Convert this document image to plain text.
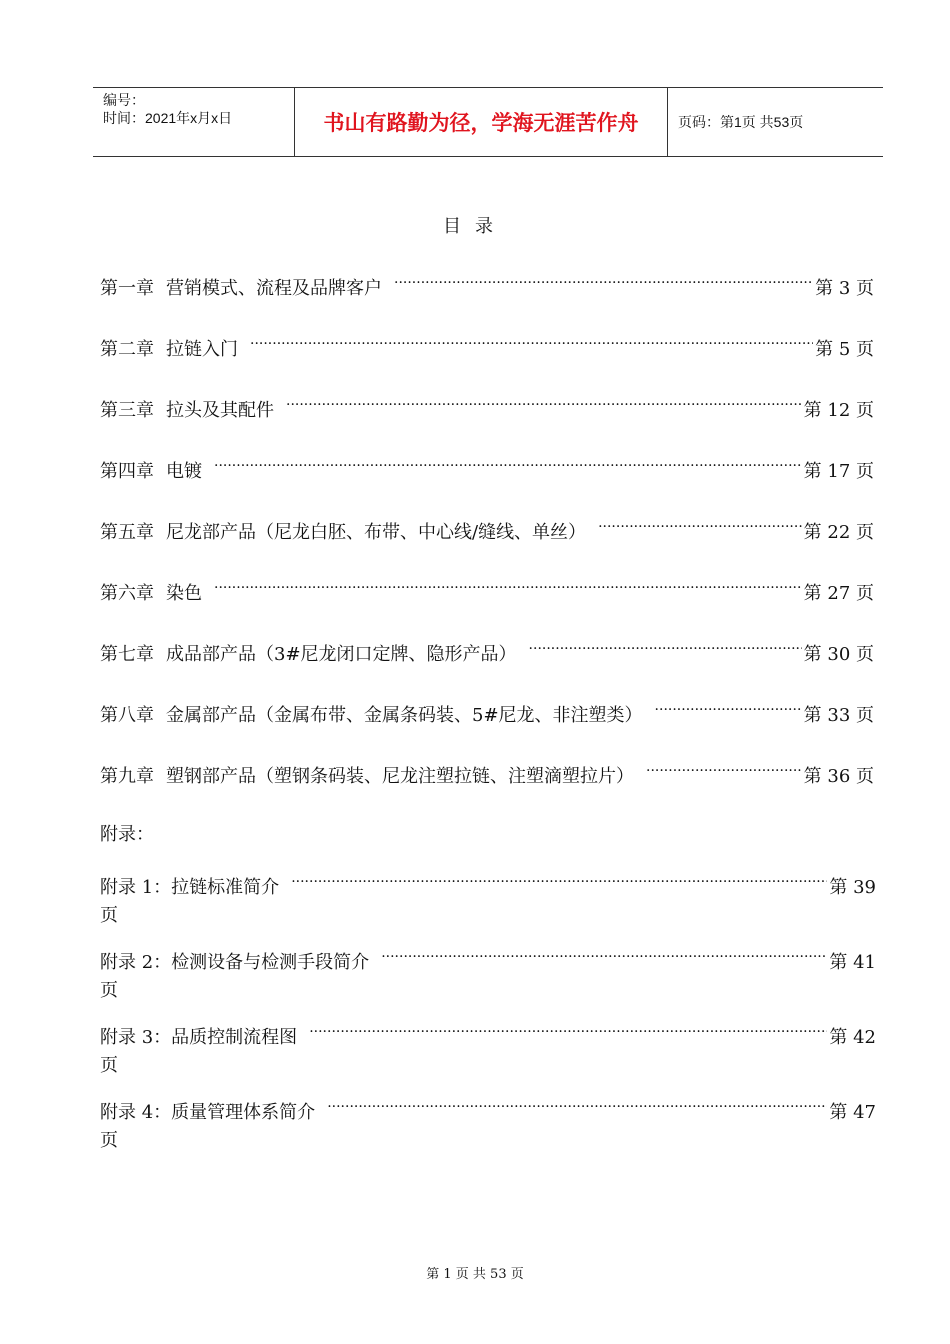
编号：
时间：2021年x月x日	书山有路勤为径，学海无涯苦作舟	页码：第1页 共53页
目录
第一章 营销模式、流程及品牌客户 ·····	第 3 页
第二章 拉链入门 ·····	第 5 页
第三章 拉头及其配件 ·····	第 12 页
第四章 电镀 ·····	第 17 页
第五章 尼龙部产品（尼龙白胚、布带、中心线/缝线、单丝） ·····	第 22 页
第六章 染色 ·····	第 27 页
第七章 成品部产品（3#尼龙闭口定牌、隐形产品） ·····	第 30 页
第八章 金属部产品（金属布带、金属条码装、5#尼龙、非注塑类） ·····	第 33 页
第九章 塑钢部产品（塑钢条码装、尼龙注塑拉链、注塑滴塑拉片） ·····	第 36 页
附录：
附录 1：拉链标准简介 ·····	第 39
页
附录 2：检测设备与检测手段简介 ·····	第 41
页
附录 3：品质控制流程图 ·····	第 42
页
附录 4：质量管理体系简介 ·····	第 47
页
第 1 页 共 53 页
